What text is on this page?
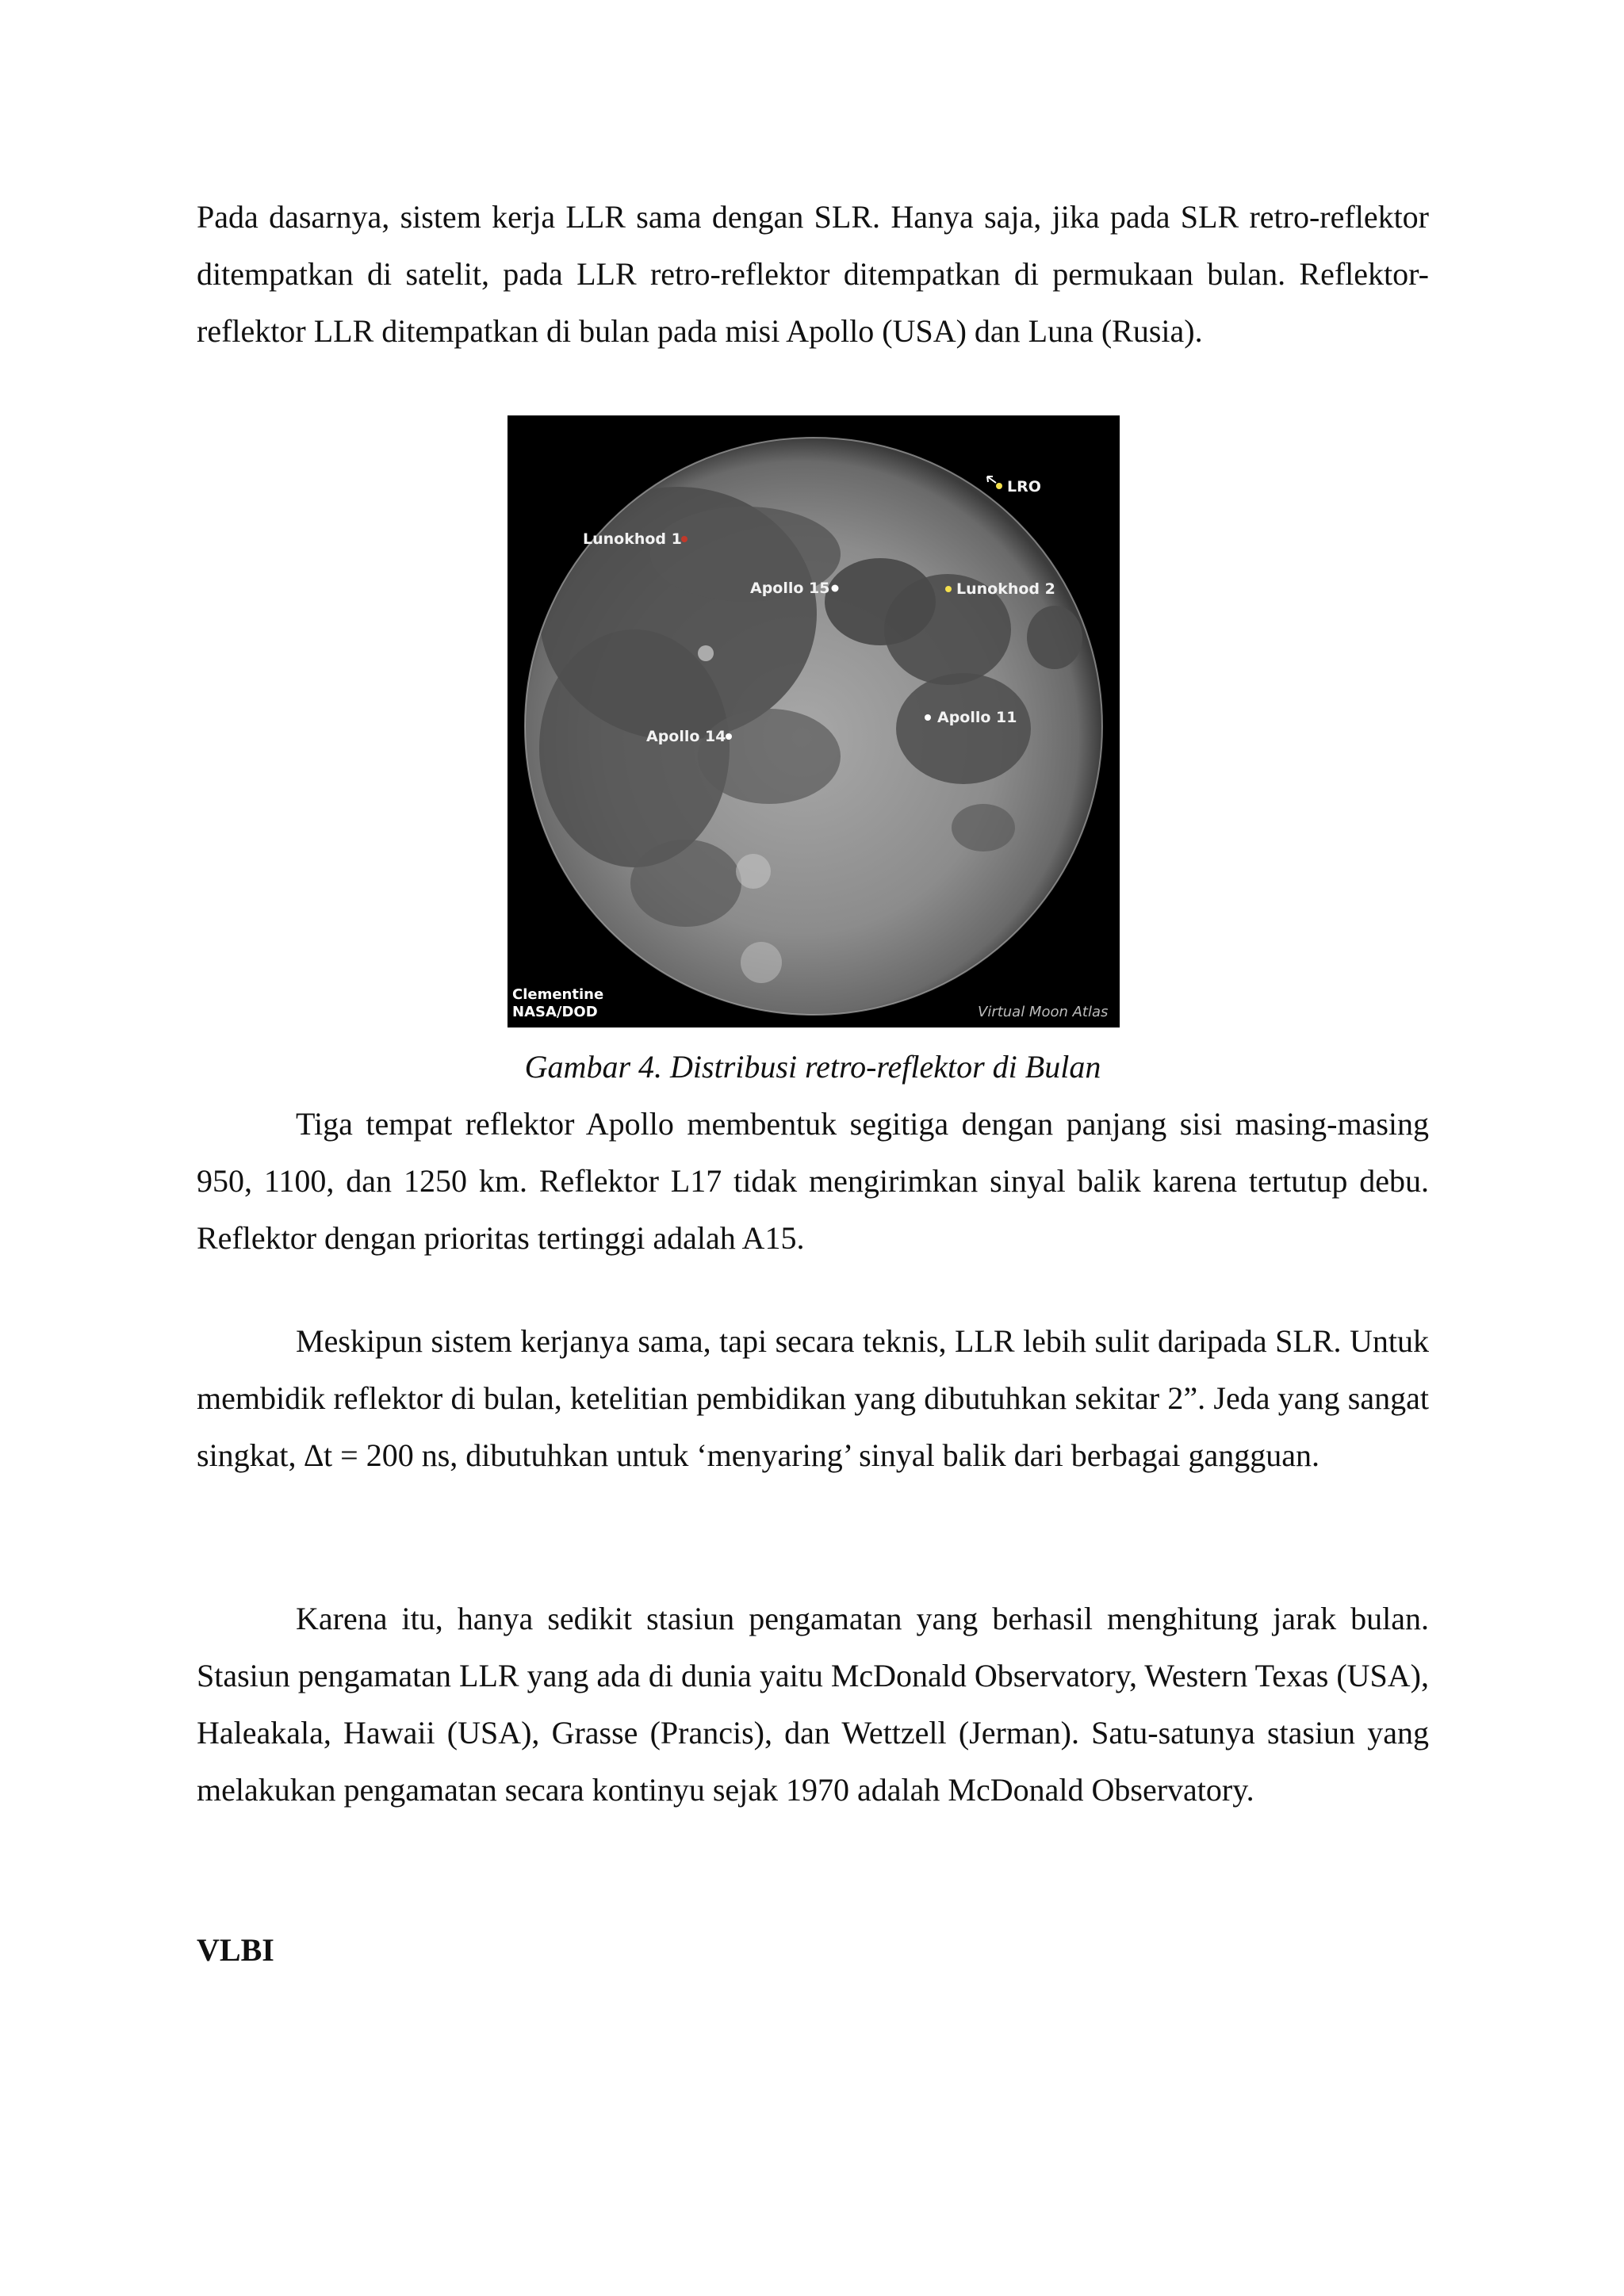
Pada dasarnya, sistem kerja LLR sama dengan SLR. Hanya saja, jika pada SLR retro-reflektor ditempatkan di satelit, pada LLR retro-reflektor ditempatkan di permukaan bulan. Reflektor-reflektor LLR ditempatkan di bulan pada misi Apollo (USA) dan Luna (Rusia).

LRO
Lunokhod 1
Apollo 15	Lunokhod 2
Apollo 11
Apollo 14
Clementine
NASA/DOD	Virtual Moon Atlas

Gambar 4. Distribusi retro-reflektor di Bulan

Tiga tempat reflektor Apollo membentuk segitiga dengan panjang sisi masing-masing 950, 1100, dan 1250 km. Reflektor L17 tidak mengirimkan sinyal balik karena tertutup debu. Reflektor dengan prioritas tertinggi adalah A15.

Meskipun sistem kerjanya sama, tapi secara teknis, LLR lebih sulit daripada SLR. Untuk membidik reflektor di bulan, ketelitian pembidikan yang dibutuhkan sekitar 2”. Jeda yang sangat singkat, ∆t = 200 ns, dibutuhkan untuk ‘menyaring’ sinyal balik dari berbagai gangguan.

Karena itu, hanya sedikit stasiun pengamatan yang berhasil menghitung jarak bulan. Stasiun pengamatan LLR yang ada di dunia yaitu McDonald Observatory, Western Texas (USA), Haleakala, Hawaii (USA), Grasse (Prancis), dan Wettzell (Jerman). Satu-satunya stasiun yang melakukan pengamatan secara kontinyu sejak 1970 adalah McDonald Observatory.

VLBI
